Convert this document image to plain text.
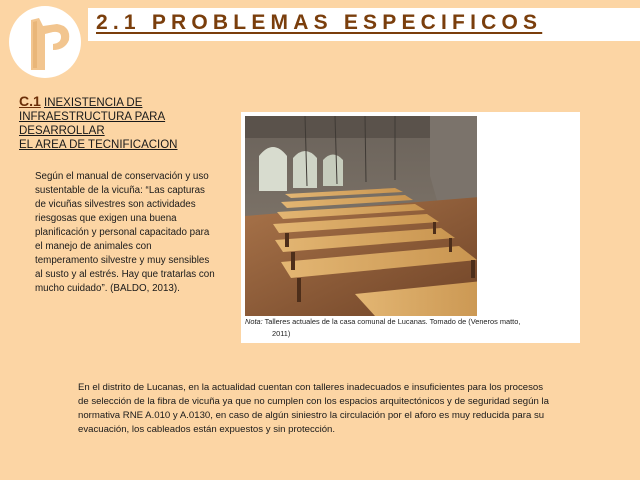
2.1 PROBLEMAS ESPECIFICOS
C.1 INEXISTENCIA DE
INFRAESTRUCTURA PARA DESARROLLAR
EL AREA DE TECNIFICACION
Según el manual de conservación y uso
sustentable de la vicuña: “Las capturas
de vicuñas silvestres son actividades
riesgosas que exigen una buena
planificación y personal capacitado para
el manejo de animales con
temperamento silvestre y muy sensibles
al susto y al estrés. Hay que tratarlas con
mucho cuidado”. (BALDO, 2013).
Nota: Talleres actuales de la casa comunal de Lucanas. Tomado de (Veneros matto,
2011)
En el distrito de Lucanas, en la actualidad cuentan con talleres inadecuados e insuficientes para los procesos
de selección de la fibra de vicuña ya que no cumplen con los espacios arquitectónicos y de seguridad según la
normativa RNE A.010 y A.0130, en caso de algún siniestro la circulación por el aforo es muy reducida para su
evacuación, los cableados están expuestos y sin protección.
